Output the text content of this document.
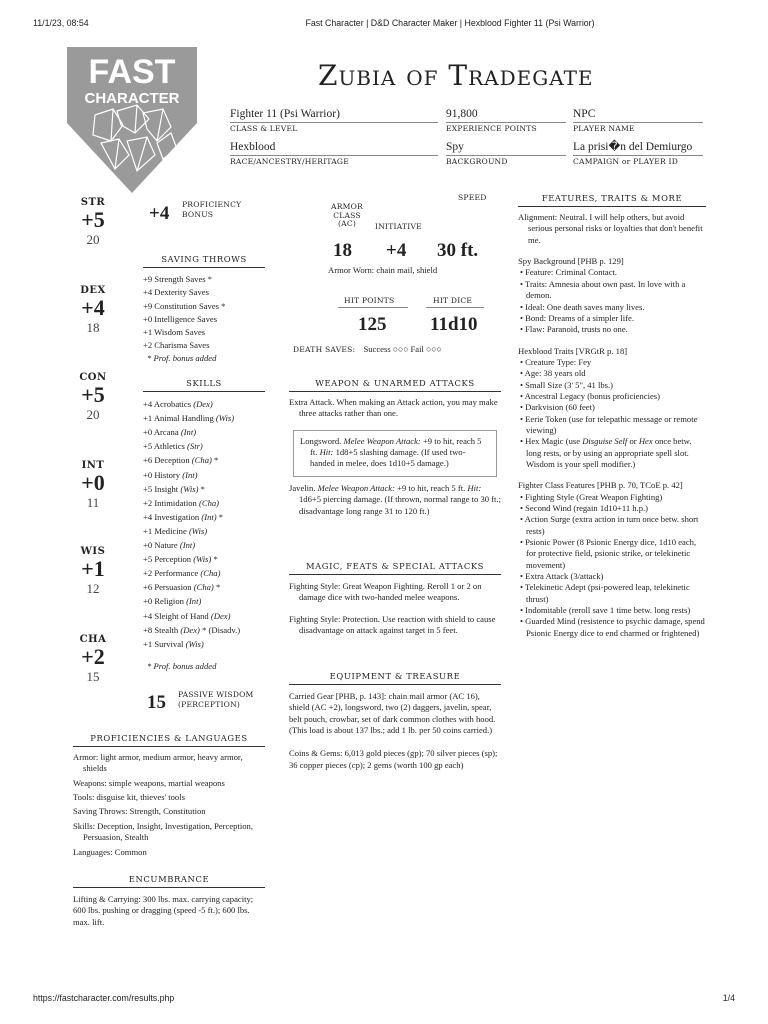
11/1/23, 08:54	Fast Character | D&D Character Maker | Hexblood Fighter 11 (Psi Warrior)
https://fastcharacter.com/results.php	1/4
FAST
CHARACTER
Zubia of Tradegate
Fighter 11 (Psi Warrior)
CLASS & LEVEL
91,800
EXPERIENCE POINTS
NPC
PLAYER NAME
Hexblood
RACE/ANCESTRY/HERITAGE
Spy
BACKGROUND
La prisi�n del Demiurgo
CAMPAIGN or PLAYER ID
STR
+5
20
DEX
+4
18
CON
+5
20
INT
+0
11
WIS
+1
12
CHA
+2
15
+4 PROFICIENCY
BONUS
SAVING THROWS
+9 Strength Saves *
+4 Dexterity Saves
+9 Constitution Saves *
+0 Intelligence Saves
+1 Wisdom Saves
+2 Charisma Saves
* Prof. bonus added
SKILLS
+4 Acrobatics (Dex)
+1 Animal Handling (Wis)
+0 Arcana (Int)
+5 Athletics (Str)
+6 Deception (Cha) *
+0 History (Int)
+5 Insight (Wis) *
+2 Intimidation (Cha)
+4 Investigation (Int) *
+1 Medicine (Wis)
+0 Nature (Int)
+5 Perception (Wis) *
+2 Performance (Cha)
+6 Persuasion (Cha) *
+0 Religion (Int)
+4 Sleight of Hand (Dex)
+8 Stealth (Dex) * (Disadv.)
+1 Survival (Wis)
* Prof. bonus added
15 PASSIVE WISDOM
(PERCEPTION)
PROFICIENCIES & LANGUAGES

Armor: light armor, medium armor, heavy armor, shields

Weapons: simple weapons, martial weapons

Tools: disguise kit, thieves' tools

Saving Throws: Strength, Constitution

Skills: Deception, Insight, Investigation, Perception, Persuasion, Stealth

Languages: Common

ENCUMBRANCE

Lifting & Carrying: 300 lbs. max. carrying capacity; 600 lbs. pushing or dragging (speed -5 ft.); 600 lbs. max. lift.

ARMOR
CLASS
(AC)	INITIATIVE
SPEED
18 +4 30 ft.
Armor Worn: chain mail, shield
HIT POINTS	HIT DICE
125 11d10
DEATH SAVES: Success ○○○ Fail ○○○
WEAPON & UNARMED ATTACKS

Extra Attack. When making an Attack action, you may make three attacks rather than one.

Longsword. Melee Weapon Attack: +9 to hit, reach 5 ft. Hit: 1d8+5 slashing damage. (If used two-handed in melee, does 1d10+5 damage.)

Javelin. Melee Weapon Attack: +9 to hit, reach 5 ft. Hit: 1d6+5 piercing damage. (If thrown, normal range to 30 ft.; disadvantage long range 31 to 120 ft.)

MAGIC, FEATS & SPECIAL ATTACKS

Fighting Style: Great Weapon Fighting. Reroll 1 or 2 on damage dice with two-handed melee weapons.

Fighting Style: Protection. Use reaction with shield to cause disadvantage on attack against target in 5 feet.

EQUIPMENT & TREASURE

Carried Gear [PHB, p. 143]: chain mail armor (AC 16), shield (AC +2), longsword, two (2) daggers, javelin, spear, belt pouch, crowbar, set of dark common clothes with hood. (This load is about 137 lbs.; add 1 lb. per 50 coins carried.)

Coins & Gems: 6,013 gold pieces (gp); 70 silver pieces (sp); 36 copper pieces (cp); 2 gems (worth 100 gp each)

FEATURES, TRAITS & MORE

Alignment: Neutral. I will help others, but avoid serious personal risks or loyalties that don't benefit me.

Spy Background [PHB p. 129]
• Feature: Criminal Contact.
• Traits: Amnesia about own past. In love with a demon.
• Ideal: One death saves many lives.
• Bond: Dreams of a simpler life.
• Flaw: Paranoid, trusts no one.
Hexblood Traits [VRGtR p. 18]
• Creature Type: Fey
• Age: 38 years old
• Small Size (3' 5", 41 lbs.)
• Ancestral Legacy (bonus proficiencies)
• Darkvision (60 feet)
• Eerie Token (use for telepathic message or remote viewing)
• Hex Magic (use Disguise Self or Hex once betw. long rests, or by using an appropriate spell slot. Wisdom is your spell modifier.)
Fighter Class Features [PHB p. 70, TCoE p. 42]
• Fighting Style (Great Weapon Fighting)
• Second Wind (regain 1d10+11 h.p.)
• Action Surge (extra action in turn once betw. short rests)
• Psionic Power (8 Psionic Energy dice, 1d10 each, for protective field, psionic strike, or telekinetic movement)
• Extra Attack (3/attack)
• Telekinetic Adept (psi-powered leap, telekinetic thrust)
• Indomitable (reroll save 1 time betw. long rests)
• Guarded Mind (resistence to psychic damage, spend Psionic Energy dice to end charmed or frightened)
